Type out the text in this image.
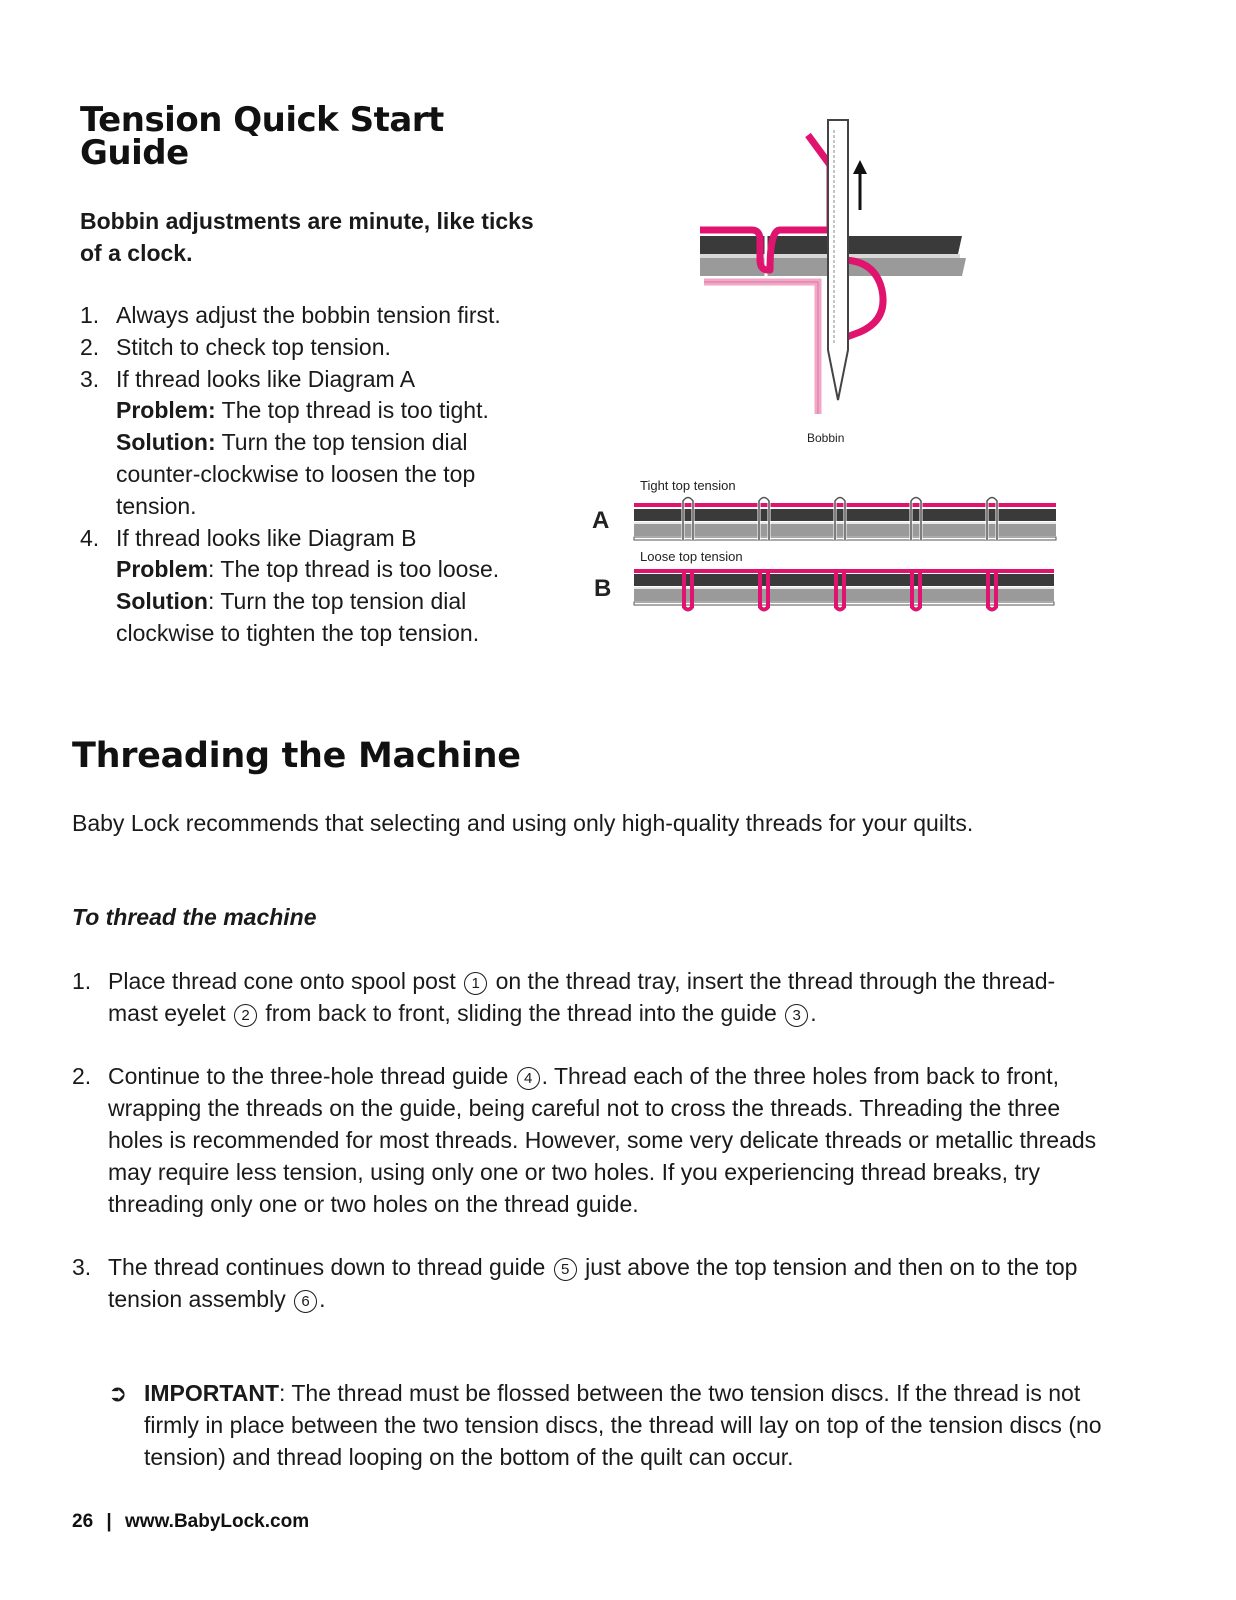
Tension Quick Start Guide
Bobbin adjustments are minute, like ticks of a clock.
1. Always adjust the bobbin tension first.
2. Stitch to check top tension.
3. If thread looks like Diagram A
Problem: The top thread is too tight. Solution: Turn the top tension dial counter-clockwise to loosen the top tension.
4. If thread looks like Diagram B
Problem: The top thread is too loose. Solution: Turn the top tension dial clockwise to tighten the top tension.
Bobbin
Tight top tension
A
Loose top tension
B
Threading the Machine
Baby Lock recommends that selecting and using only high-quality threads for your quilts.
To thread the machine
1. Place thread cone onto spool post 1 on the thread tray, insert the thread through the thread-mast eyelet 2 from back to front, sliding the thread into the guide 3 .
2. Continue to the three-hole thread guide 4 . Thread each of the three holes from back to front, wrapping the threads on the guide, being careful not to cross the threads. Threading the three holes is recommended for most threads. However, some very delicate threads or metallic threads may require less tension, using only one or two holes. If you experiencing thread breaks, try threading only one or two holes on the thread guide.
3. The thread continues down to thread guide 5 just above the top tension and then on to the top tension assembly 6 .
➲ IMPORTANT: The thread must be flossed between the two tension discs. If the thread is not firmly in place between the two tension discs, the thread will lay on top of the tension discs (no tension) and thread looping on the bottom of the quilt can occur.
26 | www.BabyLock.com
